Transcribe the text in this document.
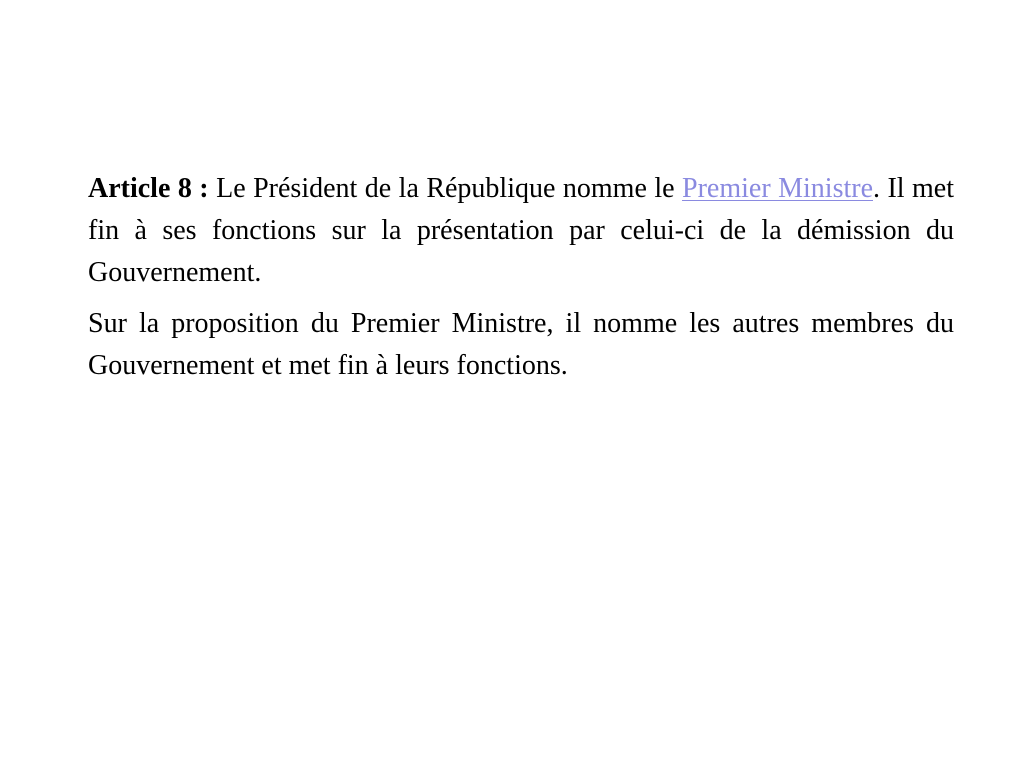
Article 8 : Le Président de la République nomme le Premier Ministre. Il met fin à ses fonctions sur la présentation par celui-ci de la démission du Gouvernement.

Sur la proposition du Premier Ministre, il nomme les autres membres du Gouvernement et met fin à leurs fonctions.
